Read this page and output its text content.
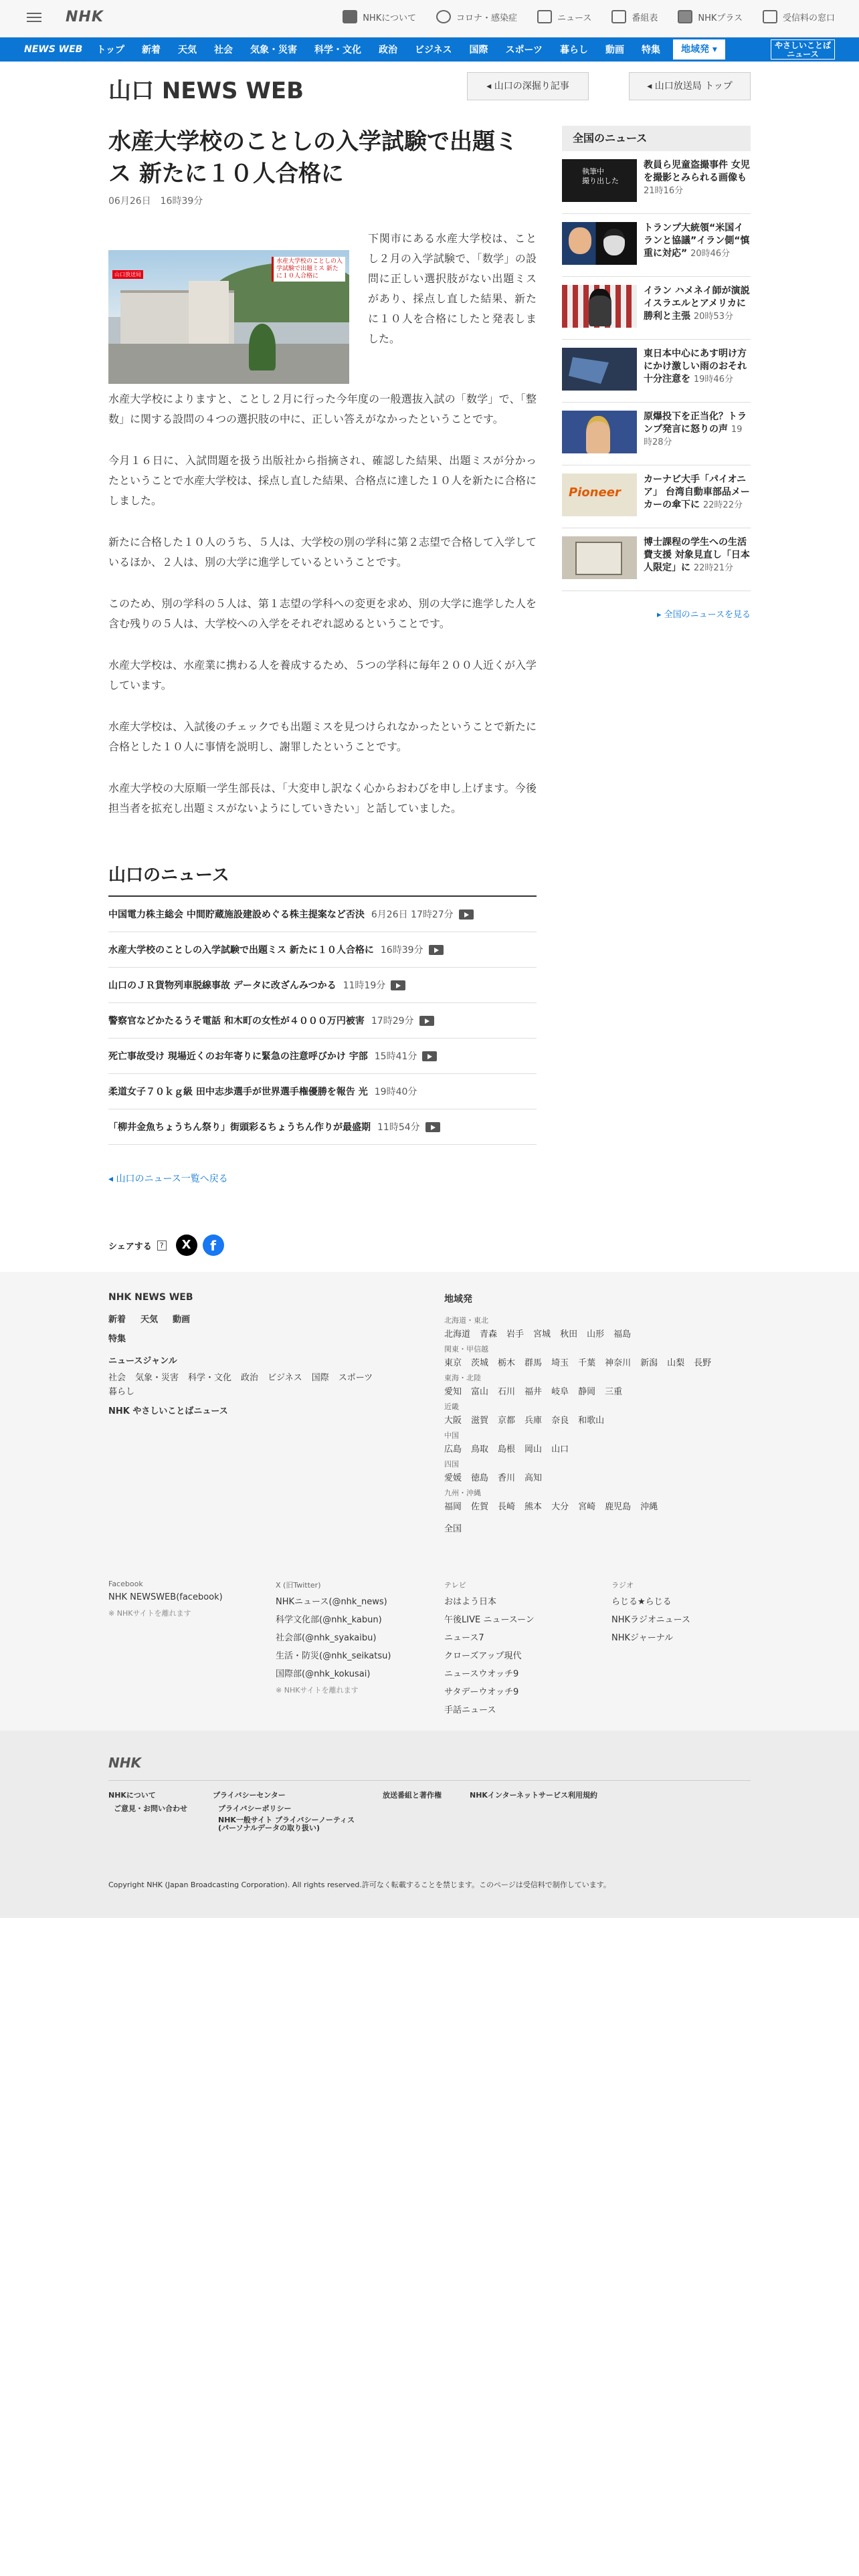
NHK	NHKについて	コロナ・感染症	ニュース	番組表	NHKプラス	受信料の窓口
NEWS WEB	トップ	新着	天気	社会	気象・災害	科学・文化	政治	ビジネス	国際	スポーツ	暮らし	動画	特集	地域発 ▾	やさしいことば ニュース
山口 NEWS WEB	◂ 山口の深掘り記事	◂ 山口放送局 トップ
水産大学校のことしの入学試験で出題ミス 新たに１０人合格に
06月26日　16時39分
水産大学校のことしの入学試験で出題ミス 新たに１０人合格に
山口放送局

下関市にある水産大学校は、ことし２月の入学試験で、「数学」の設問に正しい選択肢がない出題ミスがあり、採点し直した結果、新たに１０人を合格にしたと発表しました。

水産大学校によりますと、ことし２月に行った今年度の一般選抜入試の「数学」で、「整数」に関する設問の４つの選択肢の中に、正しい答えがなかったということです。

今月１６日に、入試問題を扱う出版社から指摘され、確認した結果、出題ミスが分かったということで水産大学校は、採点し直した結果、合格点に達した１０人を新たに合格にしました。

新たに合格した１０人のうち、５人は、大学校の別の学科に第２志望で合格して入学しているほか、２人は、別の大学に進学しているということです。

このため、別の学科の５人は、第１志望の学科への変更を求め、別の大学に進学した人を含む残りの５人は、大学校への入学をそれぞれ認めるということです。

水産大学校は、水産業に携わる人を養成するため、５つの学科に毎年２００人近くが入学しています。

水産大学校は、入試後のチェックでも出題ミスを見つけられなかったということで新たに合格とした１０人に事情を説明し、謝罪したということです。

水産大学校の大原順一学生部長は、「大変申し訳なく心からおわびを申し上げます。今後担当者を拡充し出題ミスがないようにしていきたい」と話していました。

全国のニュース
執筆中
撮り出した
教員ら児童盗撮事件 女児を撮影とみられる画像も 21時16分
トランプ大統領“米国イランと協議”イラン側“慎重に対応” 20時46分
イラン ハメネイ師が演説 イスラエルとアメリカに勝利と主張 20時53分
東日本中心にあす明け方にかけ激しい雨のおそれ 十分注意を 19時46分
原爆投下を正当化？トランプ発言に怒りの声 19時28分
Pioneer
カーナビ大手「パイオニア」 台湾自動車部品メーカーの傘下に 22時22分
博士課程の学生への生活費支援 対象見直し「日本人限定」に 22時21分
▸ 全国のニュースを見る
山口のニュース
中国電力株主総会 中間貯蔵施設建設めぐる株主提案など否決 6月26日 17時27分
水産大学校のことしの入学試験で出題ミス 新たに１０人合格に 16時39分
山口のＪＲ貨物列車脱線事故 データに改ざんみつかる 11時19分
警察官などかたるうそ電話 和木町の女性が４０００万円被害 17時29分
死亡事故受け 現場近くのお年寄りに緊急の注意呼びかけ 宇部 15時41分
柔道女子７０ｋｇ級 田中志歩選手が世界選手権優勝を報告 光 19時40分
「柳井金魚ちょうちん祭り」街頭彩るちょうちん作りが最盛期 11時54分
◂ 山口のニュース一覧へ戻る
シェアする	?	X	f
NHK NEWS WEB
新着 天気 動画
特集
ニュースジャンル
社会 気象・災害 科学・文化 政治 ビジネス 国際 スポーツ
暮らし
NHK やさしいことばニュース
地域発
北海道・東北
北海道 青森 岩手 宮城 秋田 山形 福島
関東・甲信越
東京 茨城 栃木 群馬 埼玉 千葉 神奈川 新潟 山梨 長野
東海・北陸
愛知 富山 石川 福井 岐阜 静岡 三重
近畿
大阪 滋賀 京都 兵庫 奈良 和歌山
中国
広島 鳥取 島根 岡山 山口
四国
愛媛 徳島 香川 高知
九州・沖縄
福岡 佐賀 長崎 熊本 大分 宮崎 鹿児島 沖縄
全国
Facebook
NHK NEWSWEB(facebook)
※ NHKサイトを離れます
X (旧Twitter)
NHKニュース(@nhk_news)
科学文化部(@nhk_kabun)
社会部(@nhk_syakaibu)
生活・防災(@nhk_seikatsu)
国際部(@nhk_kokusai)
※ NHKサイトを離れます
テレビ
おはよう日本
午後LIVE ニュースーン
ニュース7
クローズアップ現代
ニュースウオッチ9
サタデーウオッチ9
手話ニュース
ラジオ
らじる★らじる
NHKラジオニュース
NHKジャーナル
NHK
NHKについて
ご意見・お問い合わせ
プライバシーセンター
プライバシーポリシー
NHK一般サイト プライバシーノーティス (パーソナルデータの取り扱い)
放送番組と著作権	NHKインターネットサービス利用規約
Copyright NHK (Japan Broadcasting Corporation). All rights reserved.許可なく転載することを禁じます。このページは受信料で制作しています。
